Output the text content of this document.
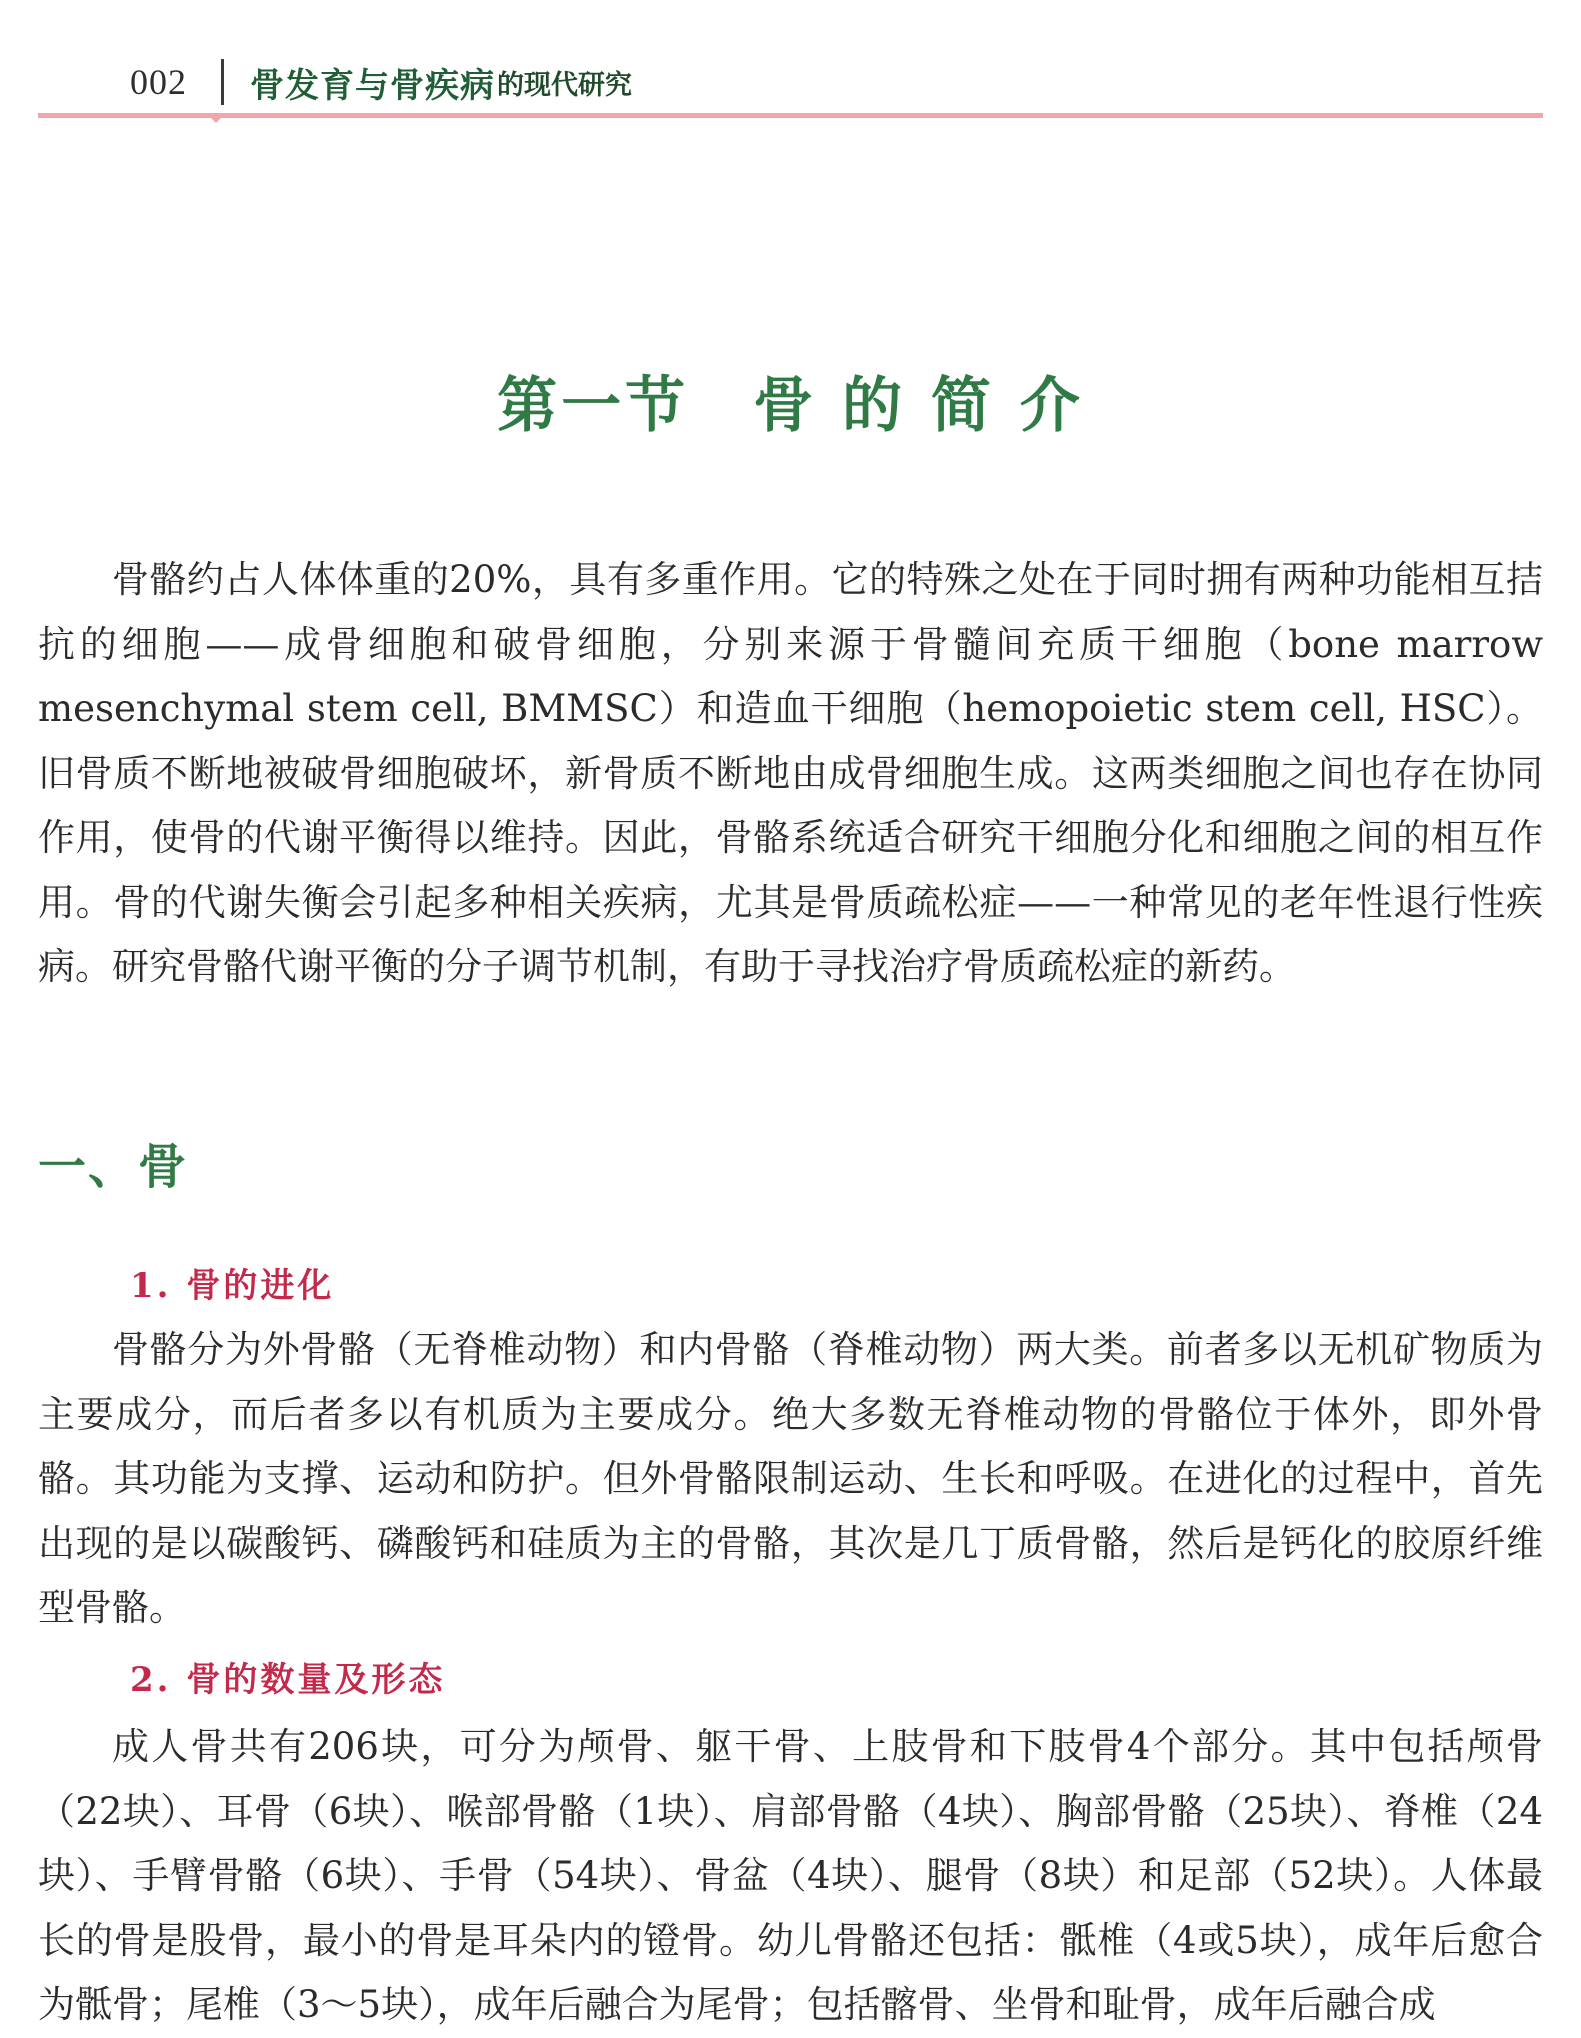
002 骨发育与骨疾病 的现代研究
第一节　骨 的 简 介

骨骼约占人体体重的20%，具有多重作用。它的特殊之处在于同时拥有两种功能相互拮抗的细胞——成骨细胞和破骨细胞，分别来源于骨髓间充质干细胞（bone marrow mesenchymal stem cell, BMMSC）和造血干细胞（hemopoietic stem cell, HSC）。旧骨质不断地被破骨细胞破坏，新骨质不断地由成骨细胞生成。这两类细胞之间也存在协同作用，使骨的代谢平衡得以维持。因此，骨骼系统适合研究干细胞分化和细胞之间的相互作用。骨的代谢失衡会引起多种相关疾病，尤其是骨质疏松症——一种常见的老年性退行性疾病。研究骨骼代谢平衡的分子调节机制，有助于寻找治疗骨质疏松症的新药。

一、骨
1. 骨的进化

骨骼分为外骨骼（无脊椎动物）和内骨骼（脊椎动物）两大类。前者多以无机矿物质为主要成分，而后者多以有机质为主要成分。绝大多数无脊椎动物的骨骼位于体外，即外骨骼。其功能为支撑、运动和防护。但外骨骼限制运动、生长和呼吸。在进化的过程中，首先出现的是以碳酸钙、磷酸钙和硅质为主的骨骼，其次是几丁质骨骼，然后是钙化的胶原纤维型骨骼。

2. 骨的数量及形态

成人骨共有206块，可分为颅骨、躯干骨、上肢骨和下肢骨4个部分。其中包括颅骨（22块）、耳骨（6块）、喉部骨骼（1块）、肩部骨骼（4块）、胸部骨骼（25块）、脊椎（24块）、手臂骨骼（6块）、手骨（54块）、骨盆（4块）、腿骨（8块）和足部（52块）。人体最长的骨是股骨，最小的骨是耳朵内的镫骨。幼儿骨骼还包括：骶椎（4或5块），成年后愈合为骶骨；尾椎（3～5块），成年后融合为尾骨；包括髂骨、坐骨和耻骨，成年后融合成
